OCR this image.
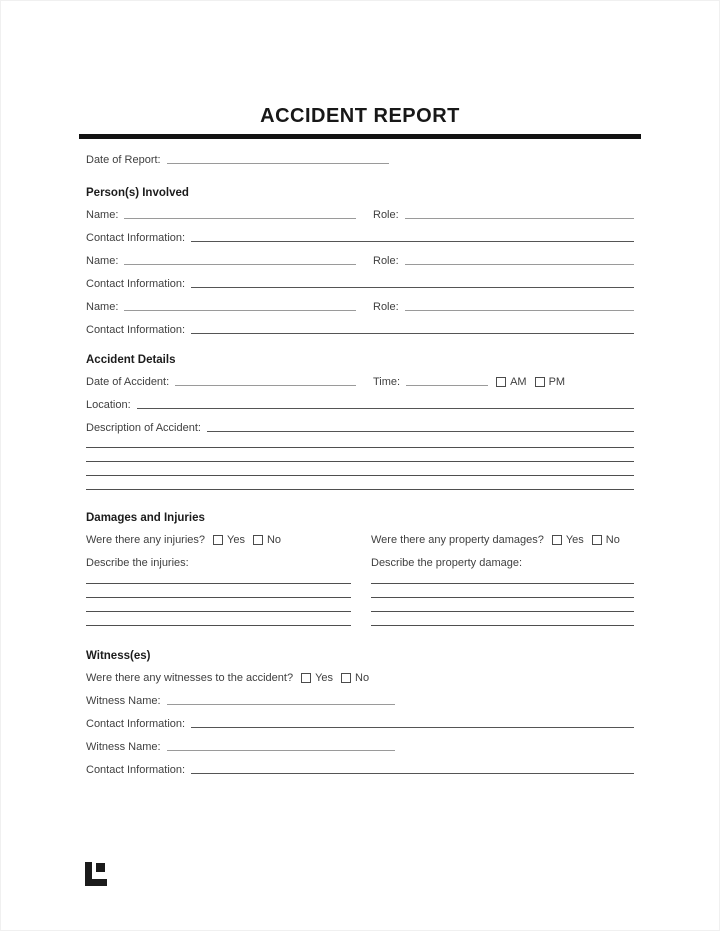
ACCIDENT REPORT
Date of Report:
Person(s) Involved
Name:	Role:
Contact Information:
Name:	Role:
Contact Information:
Name:	Role:
Contact Information:
Accident Details
Date of Accident:	Time:	AM PM
Location:
Description of Accident:
Damages and Injuries
Were there any injuries? Yes No	Were there any property damages? Yes No
Describe the injuries:	Describe the property damage:
Witness(es)
Were there any witnesses to the accident? Yes No
Witness Name:
Contact Information:
Witness Name:
Contact Information:
